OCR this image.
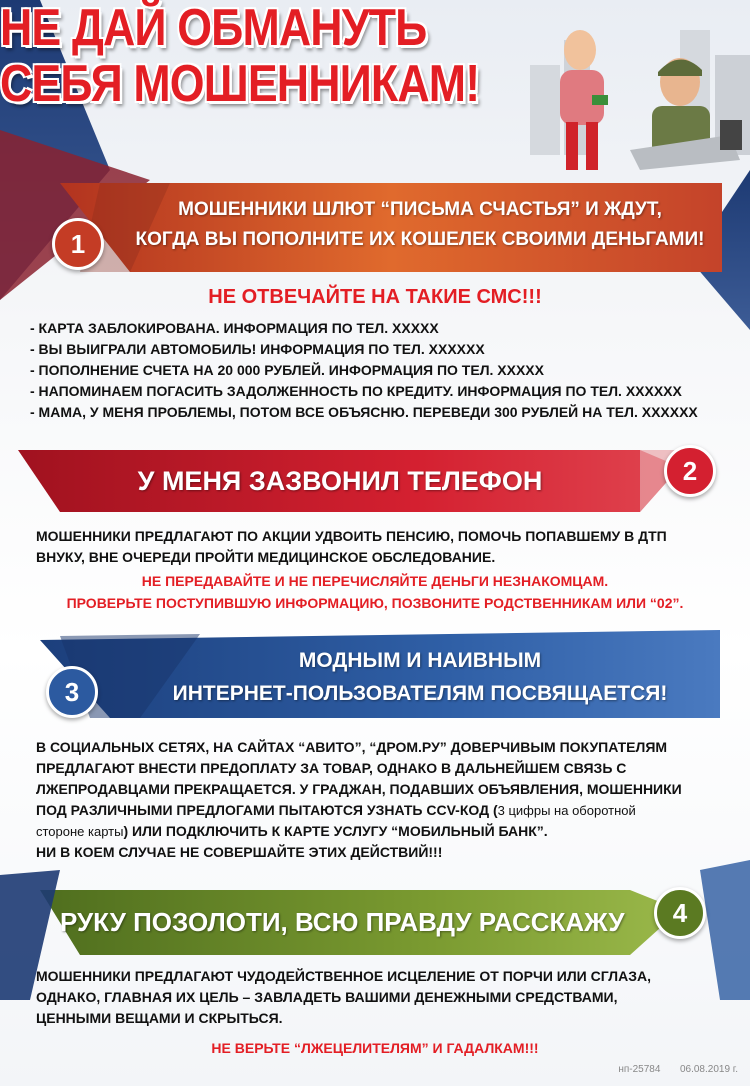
НЕ ДАЙ ОБМАНУТЬ
СЕБЯ МОШЕННИКАМ!
1
МОШЕННИКИ ШЛЮТ “ПИСЬМА СЧАСТЬЯ” И ЖДУТ,
КОГДА ВЫ ПОПОЛНИТЕ ИХ КОШЕЛЕК СВОИМИ ДЕНЬГАМИ!
НЕ ОТВЕЧАЙТЕ НА ТАКИЕ СМС!!!
- КАРТА ЗАБЛОКИРОВАНА. ИНФОРМАЦИЯ ПО ТЕЛ. XXXXX
- ВЫ ВЫИГРАЛИ АВТОМОБИЛЬ! ИНФОРМАЦИЯ ПО ТЕЛ. XXXXXX
- ПОПОЛНЕНИЕ СЧЕТА НА 20 000 РУБЛЕЙ. ИНФОРМАЦИЯ ПО ТЕЛ. XXXXX
- НАПОМИНАЕМ ПОГАСИТЬ ЗАДОЛЖЕННОСТЬ ПО КРЕДИТУ. ИНФОРМАЦИЯ ПО ТЕЛ. XXXXXX
- МАМА, У МЕНЯ ПРОБЛЕМЫ, ПОТОМ ВСЕ ОБЪЯСНЮ. ПЕРЕВЕДИ 300 РУБЛЕЙ НА ТЕЛ. XXXXXX
У МЕНЯ ЗАЗВОНИЛ ТЕЛЕФОН	2
МОШЕННИКИ ПРЕДЛАГАЮТ ПО АКЦИИ УДВОИТЬ ПЕНСИЮ, ПОМОЧЬ ПОПАВШЕМУ В ДТП
ВНУКУ, ВНЕ ОЧЕРЕДИ ПРОЙТИ МЕДИЦИНСКОЕ ОБСЛЕДОВАНИЕ.
НЕ ПЕРЕДАВАЙТЕ И НЕ ПЕРЕЧИСЛЯЙТЕ ДЕНЬГИ НЕЗНАКОМЦАМ.
ПРОВЕРЬТЕ ПОСТУПИВШУЮ ИНФОРМАЦИЮ, ПОЗВОНИТЕ РОДСТВЕННИКАМ ИЛИ “02”.
3
МОДНЫМ И НАИВНЫМ
ИНТЕРНЕТ-ПОЛЬЗОВАТЕЛЯМ ПОСВЯЩАЕТСЯ!
В СОЦИАЛЬНЫХ СЕТЯХ, НА САЙТАХ “АВИТО”, “ДРОМ.РУ” ДОВЕРЧИВЫМ ПОКУПАТЕЛЯМ
ПРЕДЛАГАЮТ ВНЕСТИ ПРЕДОПЛАТУ ЗА ТОВАР, ОДНАКО В ДАЛЬНЕЙШЕМ СВЯЗЬ С
ЛЖЕПРОДАВЦАМИ ПРЕКРАЩАЕТСЯ. У ГРАДЖАН, ПОДАВШИХ ОБЪЯВЛЕНИЯ, МОШЕННИКИ
ПОД РАЗЛИЧНЫМИ ПРЕДЛОГАМИ ПЫТАЮТСЯ УЗНАТЬ CCV-КОД (3 цифры на оборотной
стороне карты) ИЛИ ПОДКЛЮЧИТЬ К КАРТЕ УСЛУГУ “МОБИЛЬНЫЙ БАНК”.
НИ В КОЕМ СЛУЧАЕ НЕ СОВЕРШАЙТЕ ЭТИХ ДЕЙСТВИЙ!!!
РУКУ ПОЗОЛОТИ, ВСЮ ПРАВДУ РАССКАЖУ	4
МОШЕННИКИ ПРЕДЛАГАЮТ ЧУДОДЕЙСТВЕННОЕ ИСЦЕЛЕНИЕ ОТ ПОРЧИ ИЛИ СГЛАЗА,
ОДНАКО, ГЛАВНАЯ ИХ ЦЕЛЬ – ЗАВЛАДЕТЬ ВАШИМИ ДЕНЕЖНЫМИ СРЕДСТВАМИ,
ЦЕННЫМИ ВЕЩАМИ И СКРЫТЬСЯ.
НЕ ВЕРЬТЕ “ЛЖЕЦЕЛИТЕЛЯМ” И ГАДАЛКАМ!!!
нп-25784 06.08.2019 г.
